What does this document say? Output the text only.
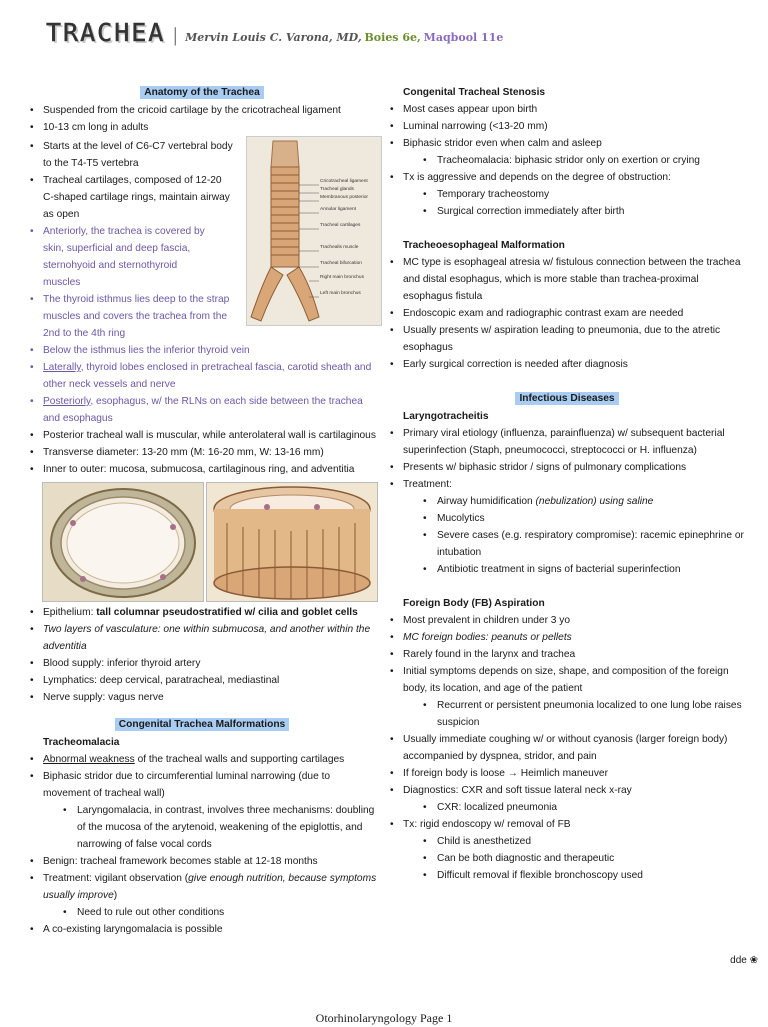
TRACHEA | Mervin Louis C. Varona, MD, Boies 6e, Maqbool 11e
Anatomy of the Trachea
• Suspended from the cricoid cartilage by the cricotracheal ligament
• 10-13 cm long in adults
• Starts at the level of C6-C7 vertebral body to the T4-T5 vertebra
• Tracheal cartilages, composed of 12-20 C-shaped cartilage rings, maintain airway as open
• Anteriorly, the trachea is covered by skin, superficial and deep fascia, sternohyoid and sternothyroid muscles
• The thyroid isthmus lies deep to the strap muscles and covers the trachea from the 2nd to the 4th ring
• Below the isthmus lies the inferior thyroid vein
• Laterally, thyroid lobes enclosed in pretracheal fascia, carotid sheath and other neck vessels and nerve
• Posteriorly, esophagus, w/ the RLNs on each side between the trachea and esophagus
• Posterior tracheal wall is muscular, while anterolateral wall is cartilaginous
• Transverse diameter: 13-20 mm (M: 16-20 mm, W: 13-16 mm)
• Inner to outer: mucosa, submucosa, cartilaginous ring, and adventitia
Cricotracheal ligament
Tracheal glands
Membranous posterior
Annular ligament
Tracheal cartilages
Trachealis muscle
Tracheal bifurcation
Right main bronchus
Left main bronchus
• Epithelium: tall columnar pseudostratified w/ cilia and goblet cells
• Two layers of vasculature: one within submucosa, and another within the adventitia
• Blood supply: inferior thyroid artery
• Lymphatics: deep cervical, paratracheal, mediastinal
• Nerve supply: vagus nerve
Congenital Trachea Malformations
Tracheomalacia
• Abnormal weakness of the tracheal walls and supporting cartilages
• Biphasic stridor due to circumferential luminal narrowing (due to movement of tracheal wall)
• Laryngomalacia, in contrast, involves three mechanisms: doubling of the mucosa of the arytenoid, weakening of the epiglottis, and narrowing of false vocal cords
• Benign: tracheal framework becomes stable at 12-18 months
• Treatment: vigilant observation (give enough nutrition, because symptoms usually improve)
• Need to rule out other conditions
• A co-existing laryngomalacia is possible
Congenital Tracheal Stenosis
• Most cases appear upon birth
• Luminal narrowing (<13-20 mm)
• Biphasic stridor even when calm and asleep
• Tracheomalacia: biphasic stridor only on exertion or crying
• Tx is aggressive and depends on the degree of obstruction:
• Temporary tracheostomy
• Surgical correction immediately after birth
Tracheoesophageal Malformation
• MC type is esophageal atresia w/ fistulous connection between the trachea and distal esophagus, which is more stable than trachea-proximal esophagus fistula
• Endoscopic exam and radiographic contrast exam are needed
• Usually presents w/ aspiration leading to pneumonia, due to the atretic esophagus
• Early surgical correction is needed after diagnosis
Infectious Diseases
Laryngotracheitis
• Primary viral etiology (influenza, parainfluenza) w/ subsequent bacterial superinfection (Staph, pneumococci, streptococci or H. influenza)
• Presents w/ biphasic stridor / signs of pulmonary complications
• Treatment:
• Airway humidification (nebulization) using saline
• Mucolytics
• Severe cases (e.g. respiratory compromise): racemic epinephrine or intubation
• Antibiotic treatment in signs of bacterial superinfection
Foreign Body (FB) Aspiration
• Most prevalent in children under 3 yo
• MC foreign bodies: peanuts or pellets
• Rarely found in the larynx and trachea
• Initial symptoms depends on size, shape, and composition of the foreign body, its location, and age of the patient
• Recurrent or persistent pneumonia localized to one lung lobe raises suspicion
• Usually immediate coughing w/ or without cyanosis (larger foreign body) accompanied by dyspnea, stridor, and pain
• If foreign body is loose → Heimlich maneuver
• Diagnostics: CXR and soft tissue lateral neck x-ray
• CXR: localized pneumonia
• Tx: rigid endoscopy w/ removal of FB
• Child is anesthetized
• Can be both diagnostic and therapeutic
• Difficult removal if flexible bronchoscopy used
dde ❀
Otorhinolaryngology Page 1
